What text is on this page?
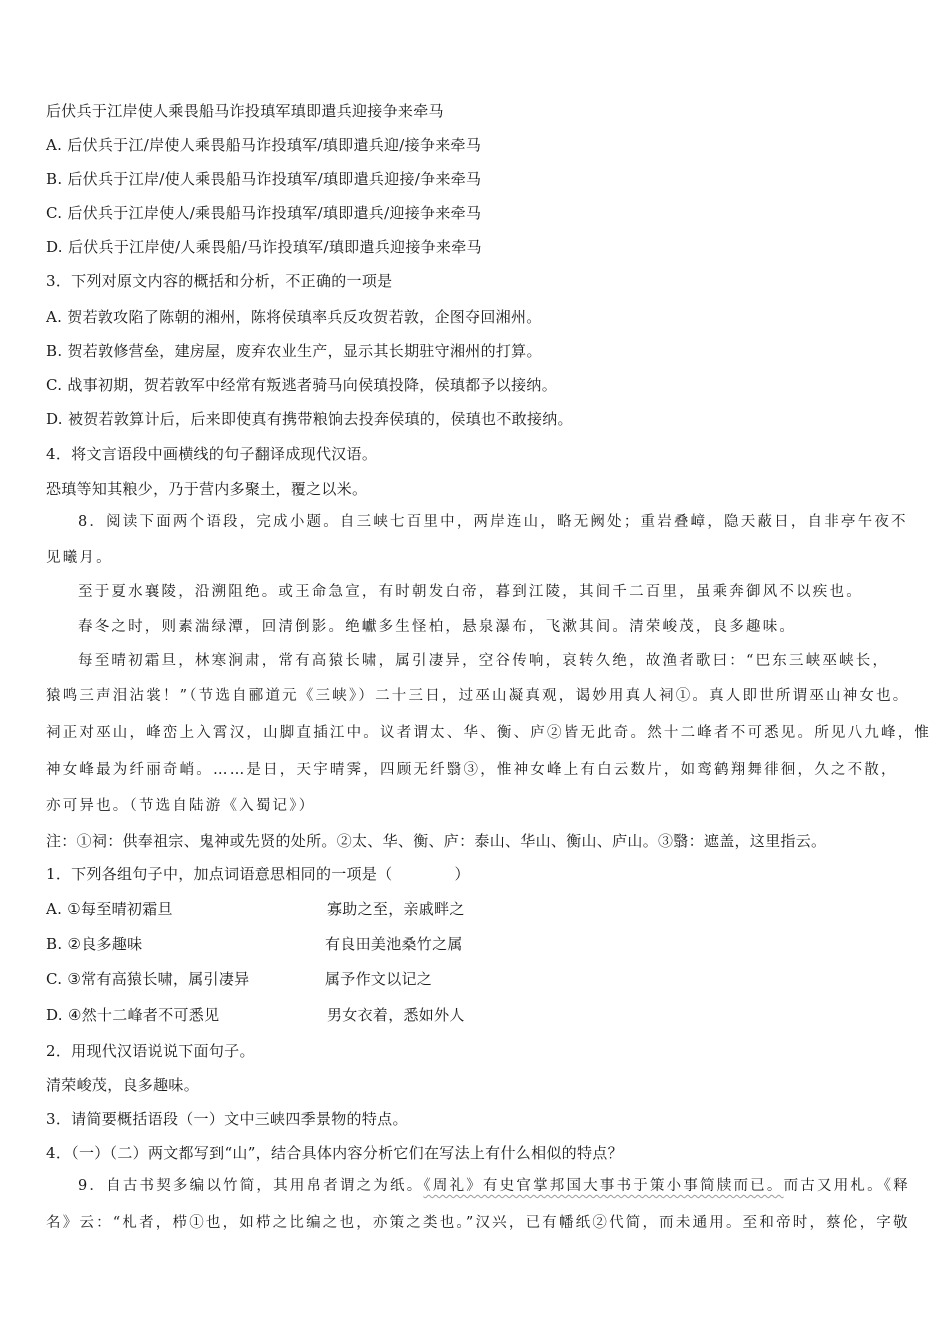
后伏兵于江岸使人乘畏船马诈投瑱军瑱即遣兵迎接争来牵马
A. 后伏兵于江/岸使人乘畏船马诈投瑱军/瑱即遣兵迎/接争来牵马
B. 后伏兵于江岸/使人乘畏船马诈投瑱军/瑱即遣兵迎接/争来牵马
C. 后伏兵于江岸使人/乘畏船马诈投瑱军/瑱即遣兵/迎接争来牵马
D. 后伏兵于江岸使/人乘畏船/马诈投瑱军/瑱即遣兵迎接争来牵马
3．下列对原文内容的概括和分析，不正确的一项是
A. 贺若敦攻陷了陈朝的湘州，陈将侯瑱率兵反攻贺若敦，企图夺回湘州。
B. 贺若敦修营垒，建房屋，废弃农业生产，显示其长期驻守湘州的打算。
C. 战事初期，贺若敦军中经常有叛逃者骑马向侯瑱投降，侯瑱都予以接纳。
D. 被贺若敦算计后，后来即使真有携带粮饷去投奔侯瑱的，侯瑱也不敢接纳。
4．将文言语段中画横线的句子翻译成现代汉语。
恐瑱等知其粮少，乃于营内多聚土，覆之以米。
8．阅读下面两个语段，完成小题。自三峡七百里中，两岸连山，略无阙处；重岩叠嶂，隐天蔽日，自非亭午夜不
见曦月。
至于夏水襄陵，沿溯阻绝。或王命急宣，有时朝发白帝，暮到江陵，其间千二百里，虽乘奔御风不以疾也。
春冬之时，则素湍绿潭，回清倒影。绝巘多生怪柏，悬泉瀑布，飞漱其间。清荣峻茂，良多趣味。
每至晴初霜旦，林寒涧肃，常有高猿长啸，属引凄异，空谷传响，哀转久绝，故渔者歌曰：“巴东三峡巫峡长，
猿鸣三声泪沾裳！”（节选自郦道元《三峡》）二十三日，过巫山凝真观，谒妙用真人祠①。真人即世所谓巫山神女也。
祠正对巫山，峰峦上入霄汉，山脚直插江中。议者谓太、华、衡、庐②皆无此奇。然十二峰者不可悉见。所见八九峰，惟
神女峰最为纤丽奇峭。……是日，天宇晴霁，四顾无纤翳③，惟神女峰上有白云数片，如鸾鹤翔舞徘徊，久之不散，
亦可异也。（节选自陆游《入蜀记》）
注：①祠：供奉祖宗、鬼神或先贤的处所。②太、华、衡、庐：泰山、华山、衡山、庐山。③翳：遮盖，这里指云。
1．下列各组句子中，加点词语意思相同的一项是（	）
A. ①每至晴初霜旦	寡助之至，亲戚畔之
B. ②良多趣味	有良田美池桑竹之属
C. ③常有高猿长啸，属引凄异	属予作文以记之
D. ④然十二峰者不可悉见	男女衣着，悉如外人
2．用现代汉语说说下面句子。
清荣峻茂，良多趣味。
3．请简要概括语段（一）文中三峡四季景物的特点。
4．（一）（二）两文都写到“山”，结合具体内容分析它们在写法上有什么相似的特点？
9．自古书契多编以竹简，其用帛者谓之为纸。《周礼》有史官掌邦国大事书于策小事简牍而已。而古又用札。《释
名》云：“札者，栉①也，如栉之比编之也，亦策之类也。”汉兴，已有幡纸②代简，而未通用。至和帝时，蔡伦，字敬
